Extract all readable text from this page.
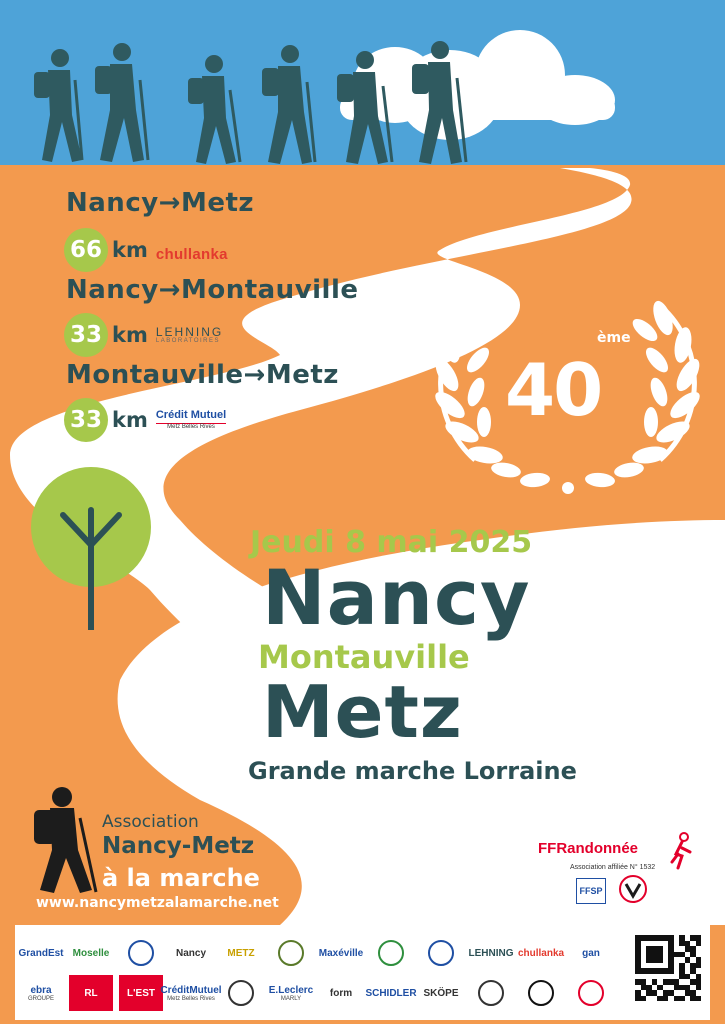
Nancy→Metz
66 km chullanka
Nancy→Montauville
33 km LEHNING
LABORATOIRES
Montauville→Metz
33 km Crédit Mutuel
Metz Belles Rives	40
ème
Jeudi 8 mai 2025
Nancy
Montauville
Metz
Grande marche Lorraine
Association
Nancy-Metz
à la marche
www.nancymetzalamarche.net
FFRandonnée
Association affiliée N° 1532
FFSP
GrandEst Moselle	Nancy METZ	Maxéville	LEHNING chullanka gan
ebra
GROUPE	RL	L'EST CréditMutuel
Metz Belles Rives
E.Leclerc
MARLY	form SCHIDLER SKÖPE
